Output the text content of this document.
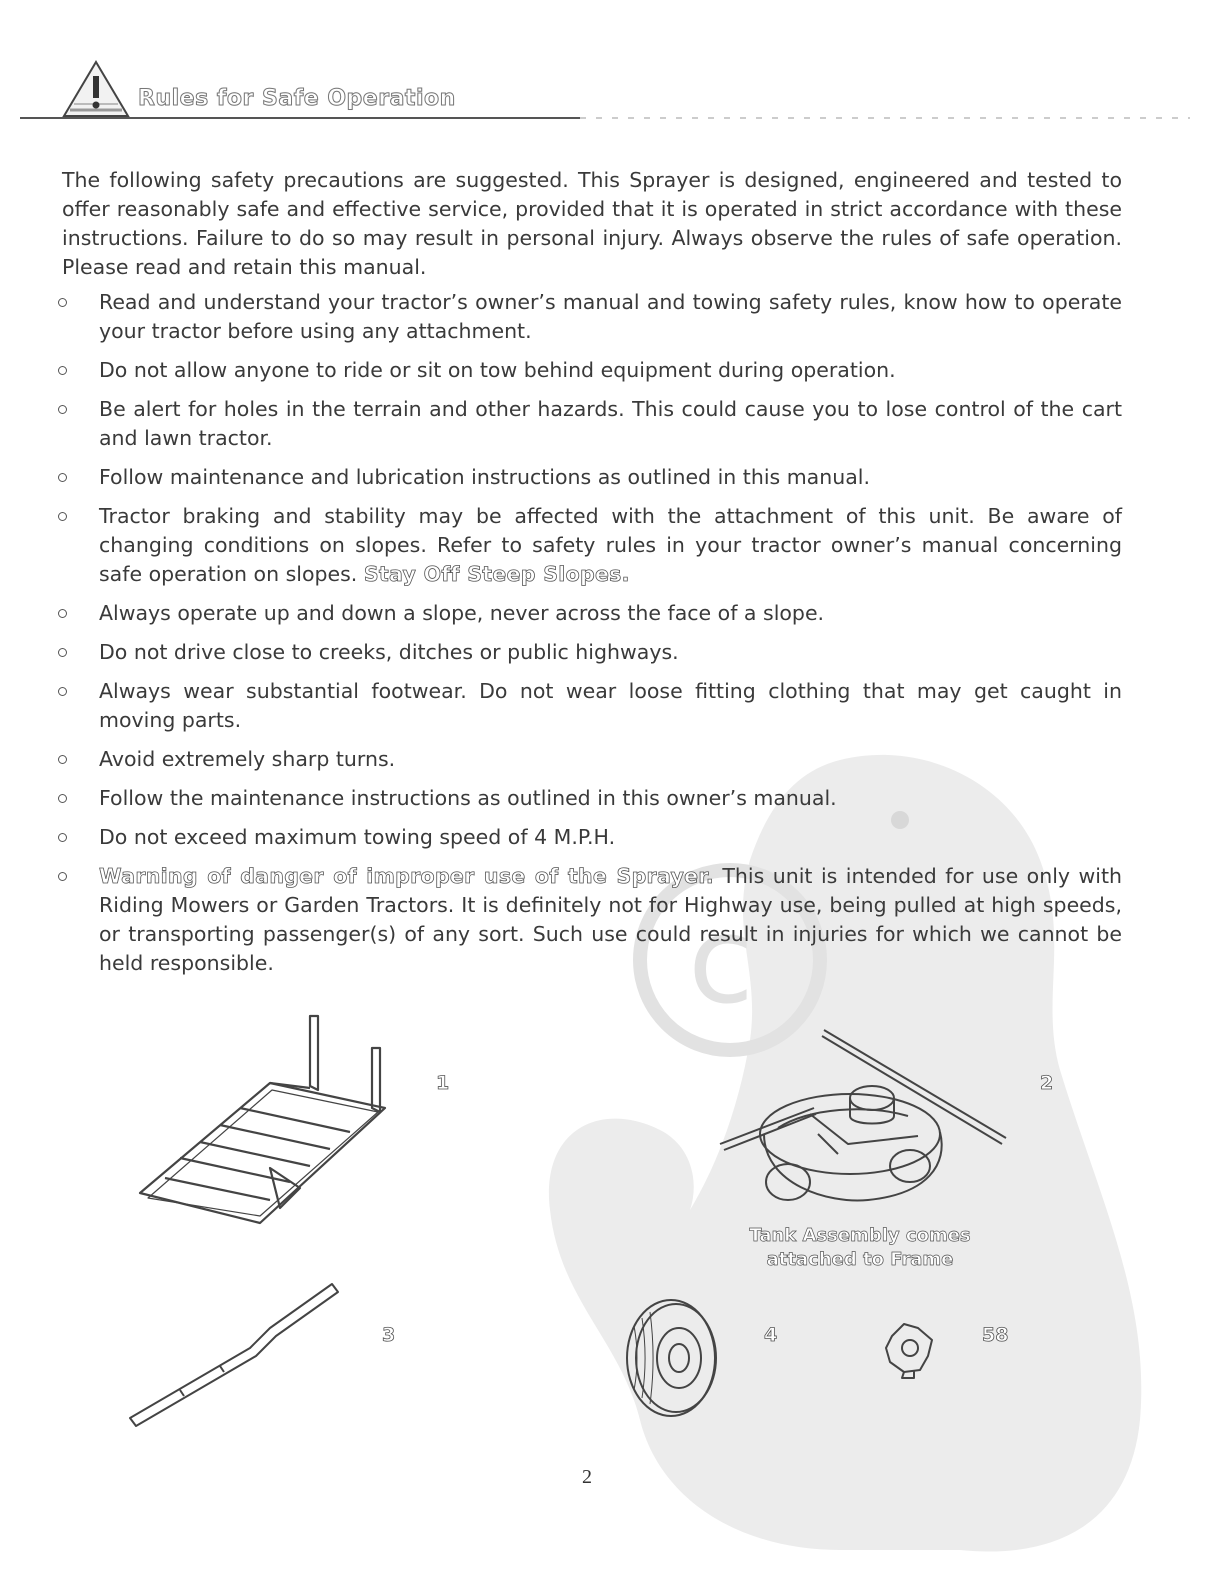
c
Rules for Safe Operation

The following safety precautions are suggested. This Sprayer is designed, engineered and tested to offer reasonably safe and effective service, provided that it is operated in strict accordance with these instructions. Failure to do so may result in personal injury. Always observe the rules of safe operation. Please read and retain this manual.

Read and understand your tractor’s owner’s manual and towing safety rules, know how to operate your tractor before using any attachment.
Do not allow anyone to ride or sit on tow behind equipment during operation.
Be alert for holes in the terrain and other hazards. This could cause you to lose control of the cart and lawn tractor.
Follow maintenance and lubrication instructions as outlined in this manual.
Tractor braking and stability may be affected with the attachment of this unit. Be aware of changing conditions on slopes. Refer to safety rules in your tractor owner’s manual concerning safe operation on slopes. Stay Off Steep Slopes.
Always operate up and down a slope, never across the face of a slope.
Do not drive close to creeks, ditches or public highways.
Always wear substantial footwear. Do not wear loose fitting clothing that may get caught in moving parts.
Avoid extremely sharp turns.
Follow the maintenance instructions as outlined in this owner’s manual.
Do not exceed maximum towing speed of 4 M.P.H.
Warning of danger of improper use of the Sprayer. This unit is intended for use only with Riding Mowers or Garden Tractors. It is definitely not for Highway use, being pulled at high speeds, or transporting passenger(s) of any sort. Such use could result in injuries for which we cannot be held responsible.
1	2
Tank Assembly comes
attached to Frame
3	4	58
2
